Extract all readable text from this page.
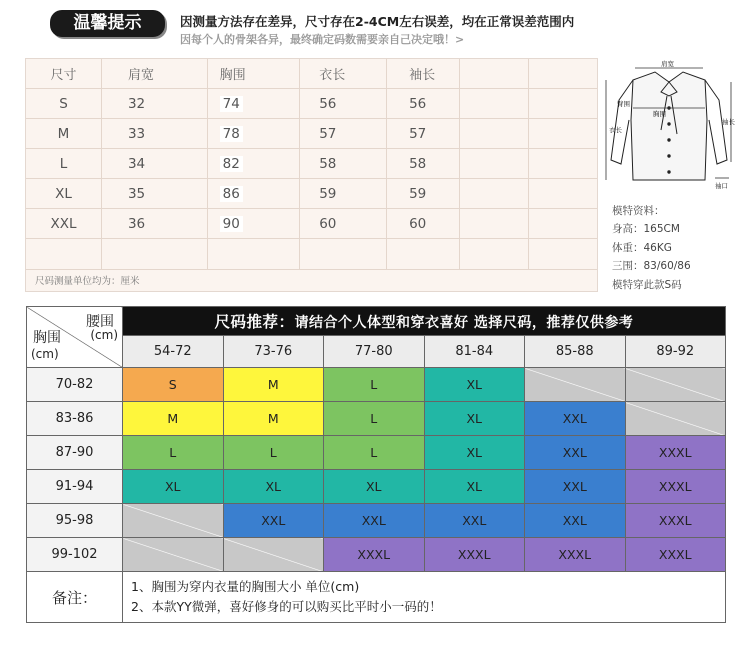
温馨提示	因测量方法存在差异，尺寸存在2-4CM左右误差，均在正常误差范围内
因每个人的骨架各异，最终确定码数需要亲自己决定哦！>
尺寸	肩宽	胸围	衣长	袖长		
S	32	74	56	56		
M	33	78	57	57		
L	34	82	58	58		
XL	35	86	59	59		
XXL	36	90	60	60		

尺码测量单位均为：厘米
肩宽
衣长
袖长
臂围
胸围
袖口
模特资料：
身高：165CM
体重：46KG
三围：83/60/86
模特穿此款S码
腰围
(cm)
胸围
(cm)	尺码推荐：请结合个人体型和穿衣喜好 选择尺码，推荐仅供参考					
	54-72	73-76	77-80	81-84	85-88	89-92
70-82	S	M	L	XL		
83-86	M	M	L	XL	XXL	
87-90	L	L	L	XL	XXL	XXXL
91-94	XL	XL	XL	XL	XXL	XXXL
95-98		XXL	XXL	XXL	XXL	XXXL
99-102			XXXL	XXXL	XXXL	XXXL
备注：	1、胸围为穿内衣量的胸围大小 单位(cm)
2、本款YY微弹，喜好修身的可以购买比平时小一码的！					
